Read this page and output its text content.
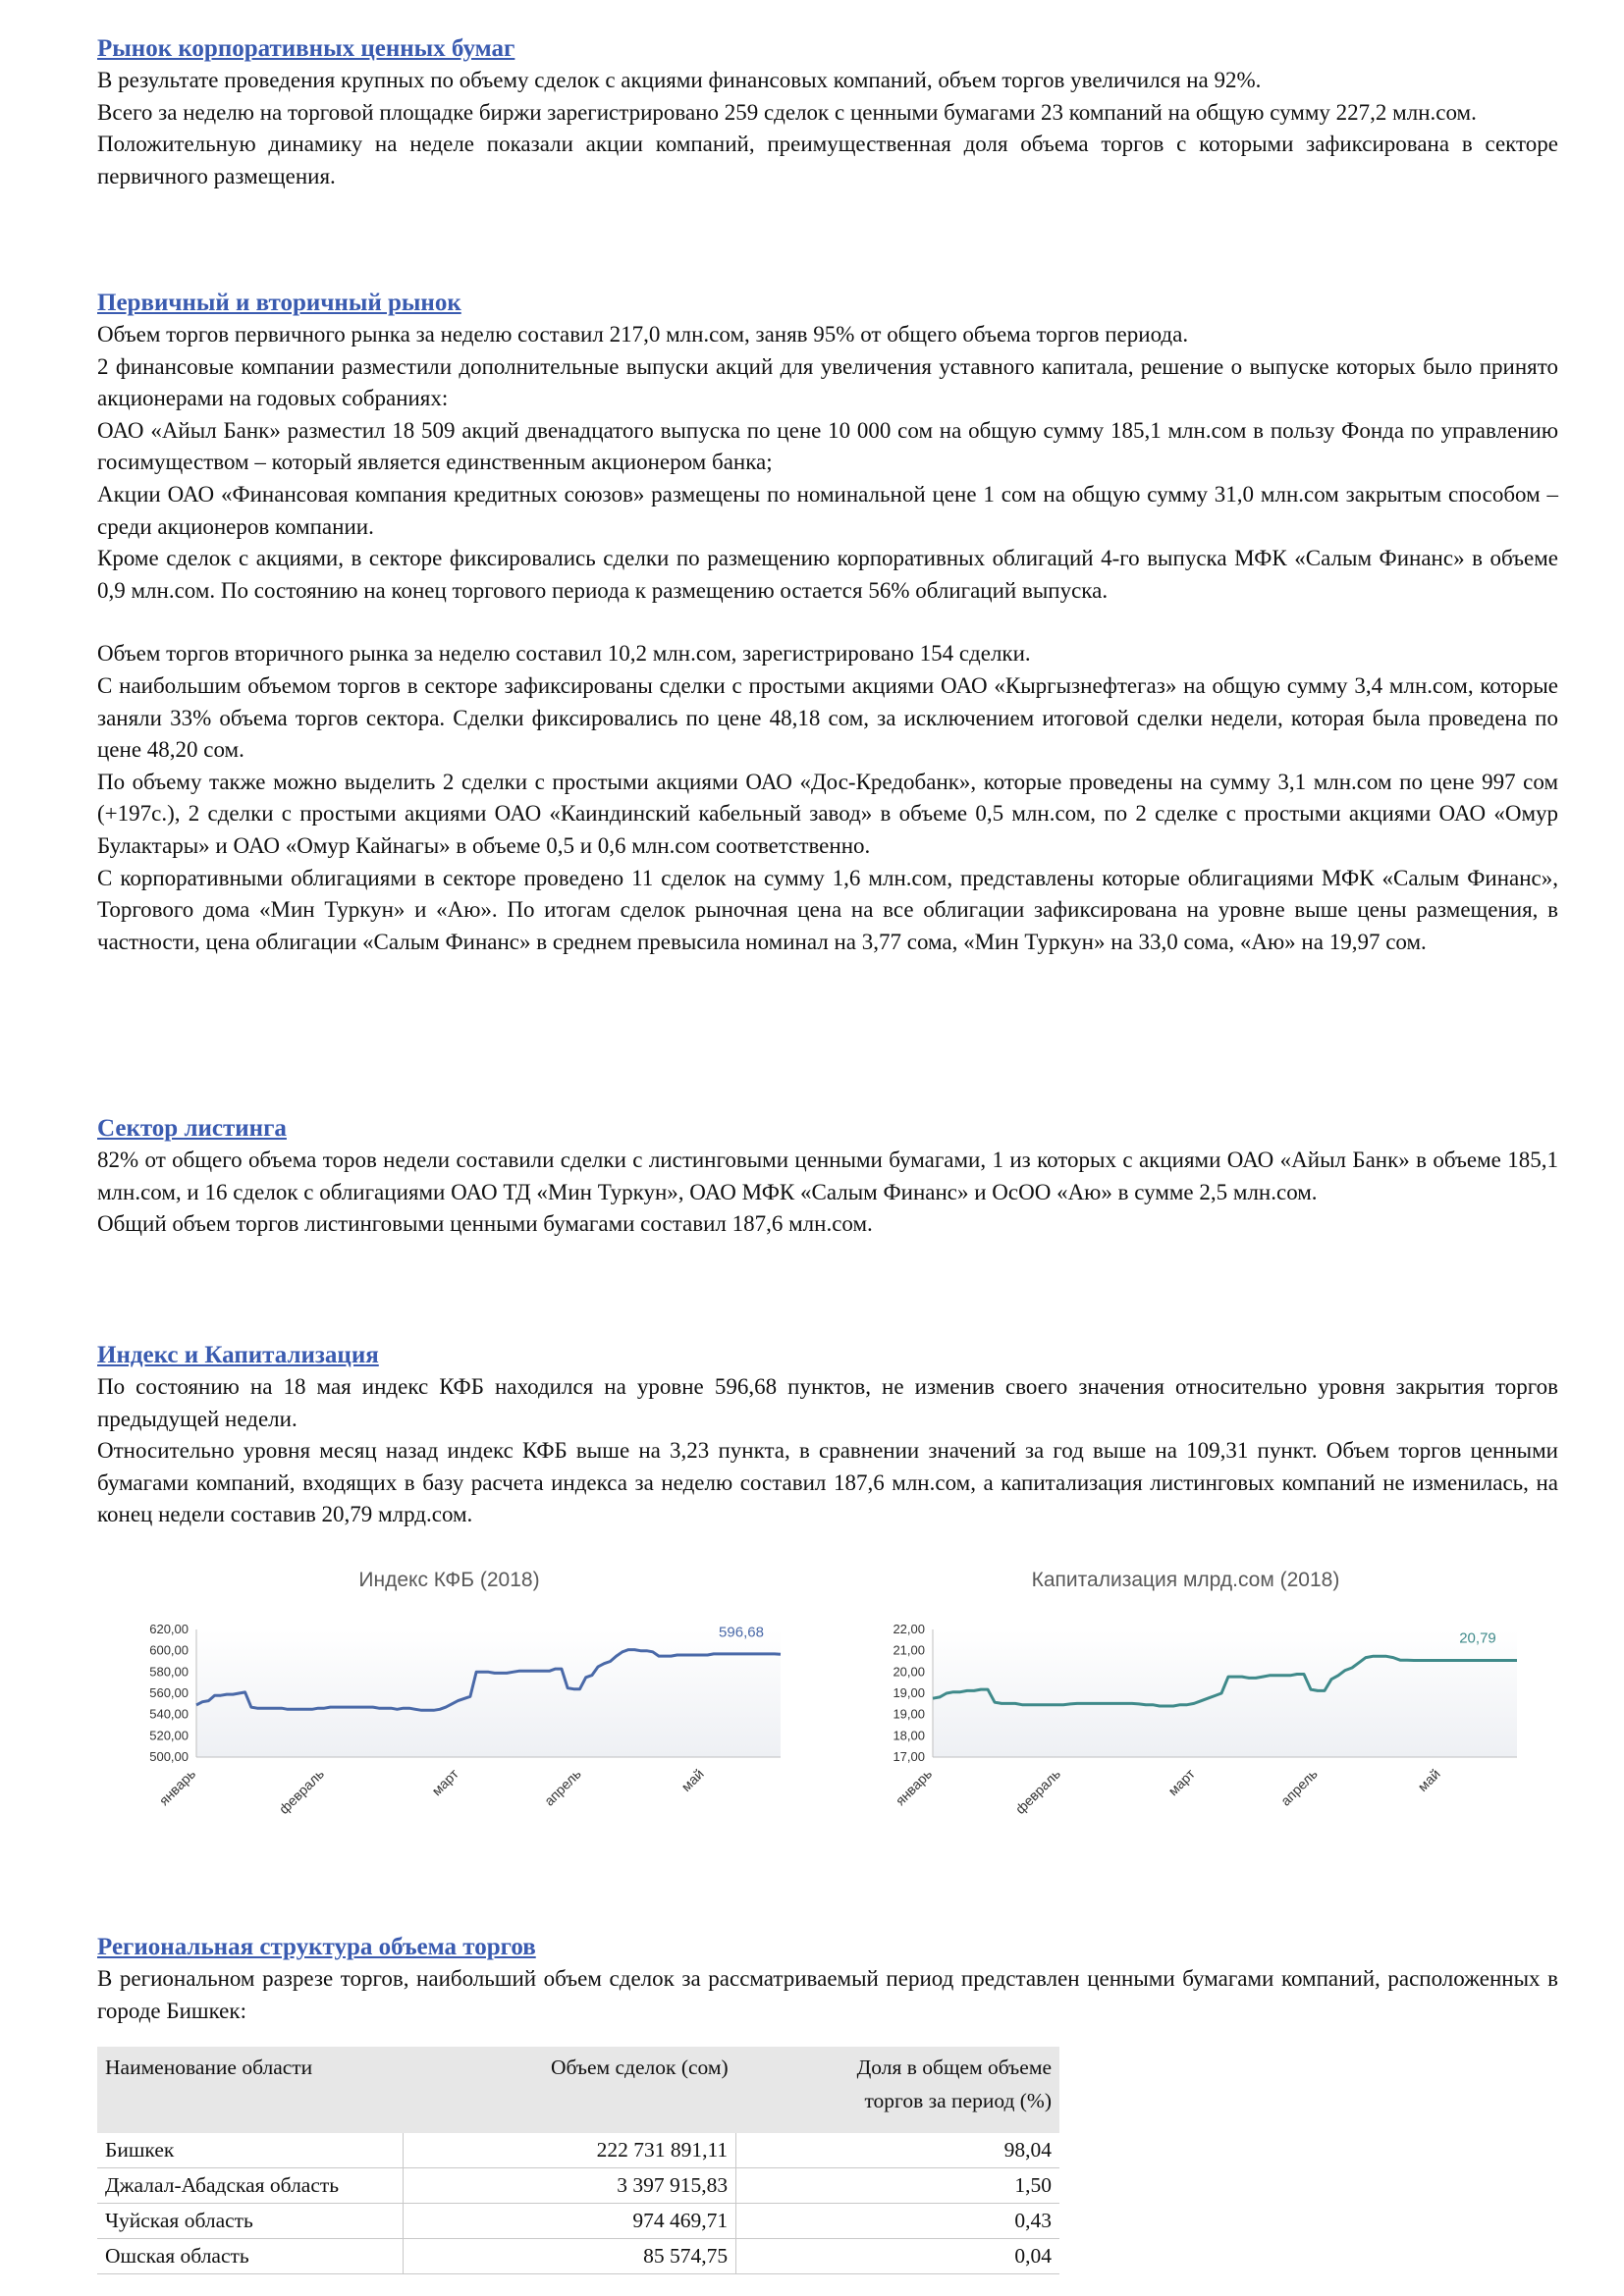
Рынок корпоративных ценных бумаг

В результате проведения крупных по объему сделок с акциями финансовых компаний, объем торгов увеличился на 92%.

Всего за неделю на торговой площадке биржи зарегистрировано 259 сделок с ценными бумагами 23 компаний на общую сумму 227,2 млн.сом.

Положительную динамику на неделе показали акции компаний, преимущественная доля объема торгов с которыми зафиксирована в секторе первичного размещения.

Первичный и вторичный рынок

Объем торгов первичного рынка за неделю составил 217,0 млн.сом, заняв 95% от общего объема торгов периода.

2 финансовые компании разместили дополнительные выпуски акций для увеличения уставного капитала, решение о выпуске которых было принято акционерами на годовых собраниях:

ОАО «Айыл Банк» разместил 18 509 акций двенадцатого выпуска по цене 10 000 сом на общую сумму 185,1 млн.сом в пользу Фонда по управлению госимуществом – который является единственным акционером банка;

Акции ОАО «Финансовая компания кредитных союзов» размещены по номинальной цене 1 сом на общую сумму 31,0 млн.сом закрытым способом – среди акционеров компании.

Кроме сделок с акциями, в секторе фиксировались сделки по размещению корпоративных облигаций 4-го выпуска МФК «Салым Финанс» в объеме 0,9 млн.сом. По состоянию на конец торгового периода к размещению остается 56% облигаций выпуска.

Объем торгов вторичного рынка за неделю составил 10,2 млн.сом, зарегистрировано 154 сделки.

С наибольшим объемом торгов в секторе зафиксированы сделки с простыми акциями ОАО «Кыргызнефтегаз» на общую сумму 3,4 млн.сом, которые заняли 33% объема торгов сектора. Сделки фиксировались по цене 48,18 сом, за исключением итоговой сделки недели, которая была проведена по цене 48,20 сом.

По объему также можно выделить 2 сделки с простыми акциями ОАО «Дос-Кредобанк», которые проведены на сумму 3,1 млн.сом по цене 997 сом (+197с.), 2 сделки с простыми акциями ОАО «Каиндинский кабельный завод» в объеме 0,5 млн.сом, по 2 сделке с простыми акциями ОАО «Омур Булактары» и ОАО «Омур Кайнагы» в объеме 0,5 и 0,6 млн.сом соответственно.

С корпоративными облигациями в секторе проведено 11 сделок на сумму 1,6 млн.сом, представлены которые облигациями МФК «Салым Финанс», Торгового дома «Мин Туркун» и «Аю». По итогам сделок рыночная цена на все облигации зафиксирована на уровне выше цены размещения, в частности, цена облигации «Салым Финанс» в среднем превысила номинал на 3,77 сома, «Мин Туркун» на 33,0 сома, «Аю» на 19,97 сом.

Сектор листинга

82% от общего объема торов недели составили сделки с листинговыми ценными бумагами, 1 из которых с акциями ОАО «Айыл Банк» в объеме 185,1 млн.сом, и 16 сделок с облигациями ОАО ТД «Мин Туркун», ОАО МФК «Салым Финанс» и ОсОО «Аю» в сумме 2,5 млн.сом.

Общий объем торгов листинговыми ценными бумагами составил 187,6 млн.сом.

Индекс и Капитализация

По состоянию на 18 мая индекс КФБ находился на уровне 596,68 пунктов, не изменив своего значения относительно уровня закрытия торгов предыдущей недели.

Относительно уровня месяц назад индекс КФБ выше на 3,23 пункта, в сравнении значений за год выше на 109,31 пункт. Объем торгов ценными бумагами компаний, входящих в базу расчета индекса за неделю составил 187,6 млн.сом, а капитализация листинговых компаний не изменилась, на конец недели составив 20,79 млрд.сом.

Индекс КФБ (2018)
500,00
520,00
540,00
560,00
580,00
600,00
620,00
январь	февраль	март	апрель	май
596,68
Капитализация млрд.сом (2018)
17,00
18,00
19,00
19,00
20,00
21,00
22,00
январь	февраль	март	апрель	май
20,79
Региональная структура объема торгов

В региональном разрезе торгов, наибольший объем сделок за рассматриваемый период представлен ценными бумагами компаний, расположенных в городе Бишкек:

Наименование области	Объем сделок (сом)	Доля в общем объеме
торгов за период (%)
Бишкек	222 731 891,11	98,04
Джалал-Абадская область	3 397 915,83	1,50
Чуйская область	974 469,71	0,43
Ошская область	85 574,75	0,04
